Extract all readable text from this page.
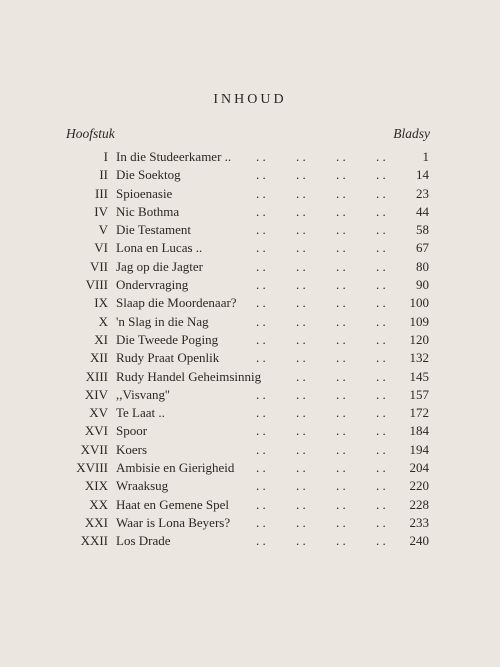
INHOUD
Hoofstuk	Bladsy
I In die Studeerkamer ..	1
. . . . . . . .
II Die Soektog	14
. . . . . . . .
III Spioenasie	23
. . . . . . . .
IV Nic Bothma	44
. . . . . . . .
V Die Testament	58
. . . . . . . .
VI Lona en Lucas ..	67
. . . . . . . .
VII Jag op die Jagter	80
. . . . . . . .
VIII Ondervraging	90
. . . . . . . .
IX Slaap die Moordenaar?	100
. . . . . . . .
X 'n Slag in die Nag	109
. . . . . . . .
XI Die Tweede Poging	120
. . . . . . . .
XII Rudy Praat Openlik	132
. . . . . . . .
XIII Rudy Handel Geheimsinnig	145
. . . . . .
XIV ,,Visvang''	157
. . . . . . . .
XV Te Laat ..	172
. . . . . . . .
XVI Spoor	184
. . . . . . . .
XVII Koers	194
. . . . . . . .
XVIII Ambisie en Gierigheid	204
. . . . . . . .
XIX Wraaksug	220
. . . . . . . .
XX Haat en Gemene Spel	228
. . . . . . . .
XXI Waar is Lona Beyers?	233
. . . . . . . .
XXII Los Drade	240
. . . . . . . .
